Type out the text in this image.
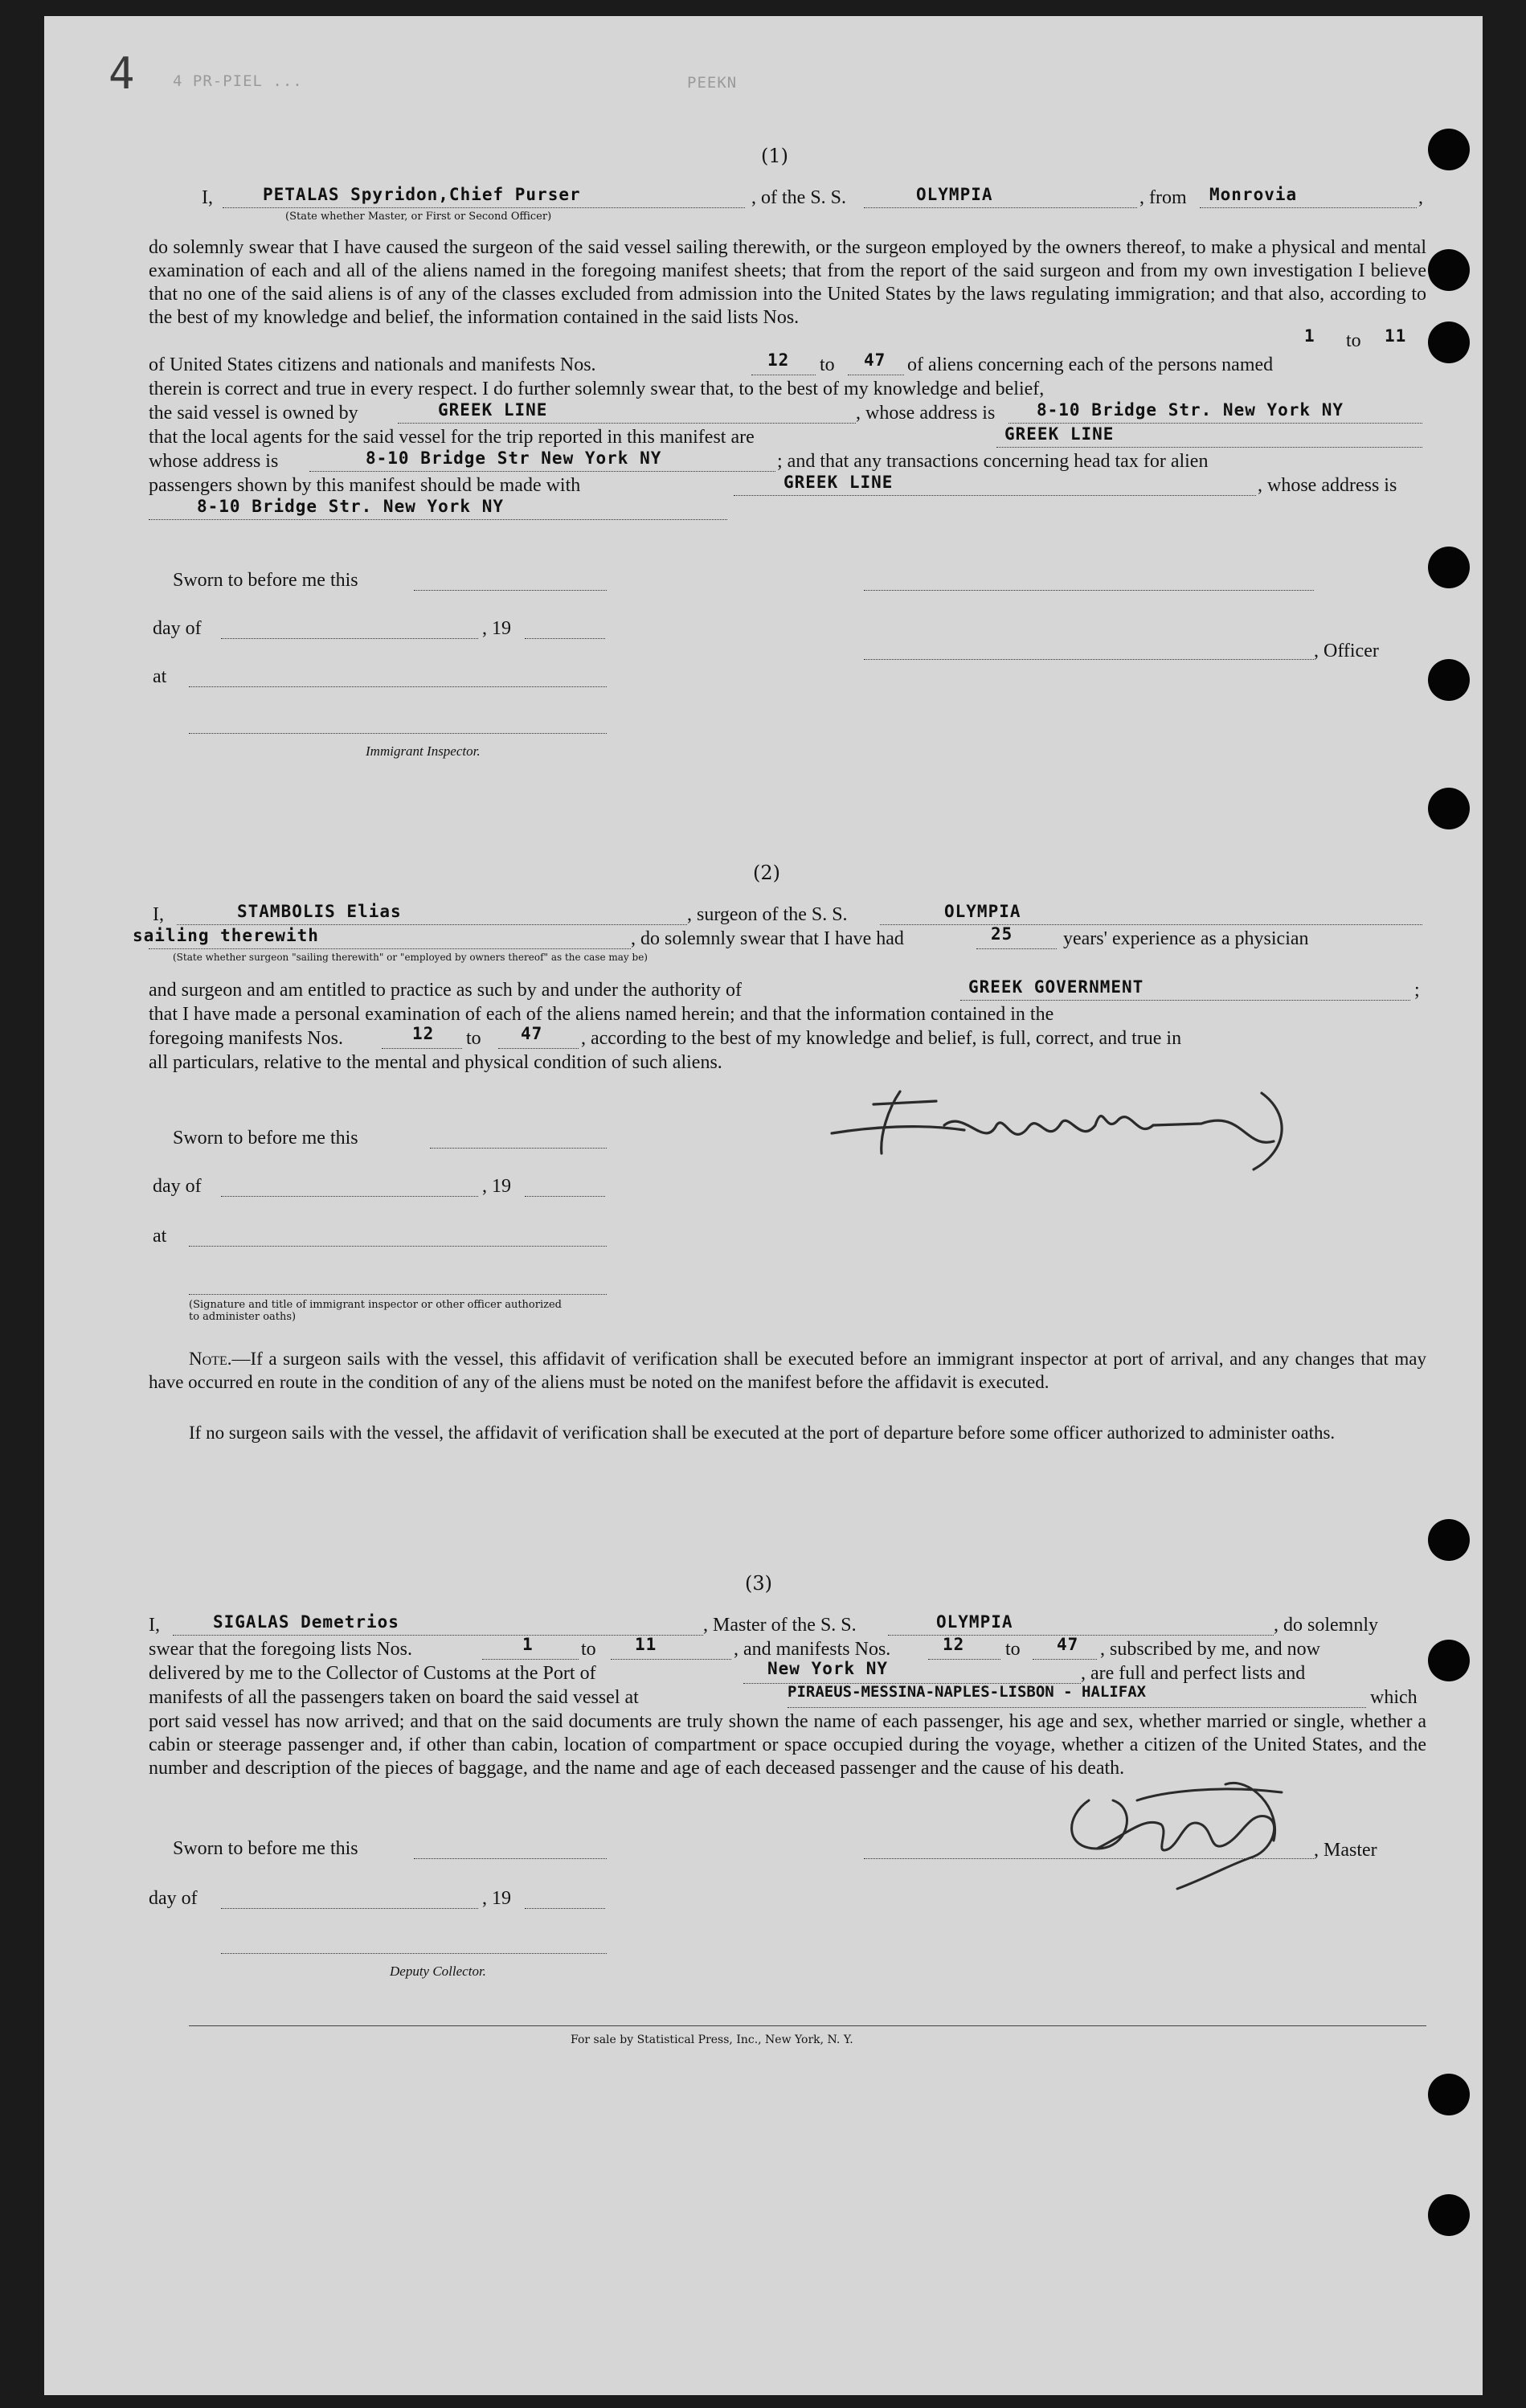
4 4 PR-PIEL ...	PEEKN
(1)
I,	PETALAS Spyridon,Chief Purser
(State whether Master, or First or Second Officer)
, of the S. S.	OLYMPIA	, from Monrovia	,
do solemnly swear that I have caused the surgeon of the said vessel sailing therewith, or the surgeon employed by the owners thereof, to make a physical and mental examination of each and all of the aliens named in the foregoing manifest sheets; that from the report of the said surgeon and from my own investigation I believe that no one of the said aliens is of any of the classes excluded from admission into the United States by the laws regulating immigration; and that also, according to the best of my knowledge and belief, the information contained in the said lists Nos.
1 to 11
of United States citizens and nationals and manifests Nos.	12 to 47 of aliens concerning each of the persons named
therein is correct and true in every respect. I do further solemnly swear that, to the best of my knowledge and belief,
the said vessel is owned by	GREEK LINE	, whose address is 8-10 Bridge Str. New York NY
that the local agents for the said vessel for the trip reported in this manifest are	GREEK LINE
whose address is	8-10 Bridge Str New York NY	; and that any transactions concerning head tax for alien
passengers shown by this manifest should be made with	GREEK LINE	, whose address is
8-10 Bridge Str. New York NY
Sworn to before me this
day of	, 19
, Officer
at
Immigrant Inspector.
(2)
I,	STAMBOLIS Elias	, surgeon of the S. S.	OLYMPIA
sailing therewith
(State whether surgeon "sailing therewith" or "employed by owners thereof" as the case may be)
, do solemnly swear that I have had	25	years' experience as a physician
and surgeon and am entitled to practice as such by and under the authority of	GREEK GOVERNMENT	;
that I have made a personal examination of each of the aliens named herein; and that the information contained in the
foregoing manifests Nos.	12 to 47 , according to the best of my knowledge and belief, is full, correct, and true in
all particulars, relative to the mental and physical condition of such aliens.
Sworn to before me this
day of	, 19
at
(Signature and title of immigrant inspector or other officer authorized to administer oaths)
Note.—If a surgeon sails with the vessel, this affidavit of verification shall be executed before an immigrant inspector at port of arrival, and any changes that may have occurred en route in the condition of any of the aliens must be noted on the manifest before the affidavit is executed.
If no surgeon sails with the vessel, the affidavit of verification shall be executed at the port of departure before some officer authorized to administer oaths.
(3)
I,	SIGALAS Demetrios	, Master of the S. S.	OLYMPIA	, do solemnly
swear that the foregoing lists Nos.	1 to 11	, and manifests Nos.	12 to 47 , subscribed by me, and now
delivered by me to the Collector of Customs at the Port of	New York NY	, are full and perfect lists and
manifests of all the passengers taken on board the said vessel at	PIRAEUS-MESSINA-NAPLES-LISBON - HALIFAX	which
port said vessel has now arrived; and that on the said documents are truly shown the name of each passenger, his age and sex, whether married or single, whether a cabin or steerage passenger and, if other than cabin, location of compartment or space occupied during the voyage, whether a citizen of the United States, and the number and description of the pieces of baggage, and the name and age of each deceased passenger and the cause of his death.
Sworn to before me this	, Master
day of	, 19
Deputy Collector.
For sale by Statistical Press, Inc., New York, N. Y.
